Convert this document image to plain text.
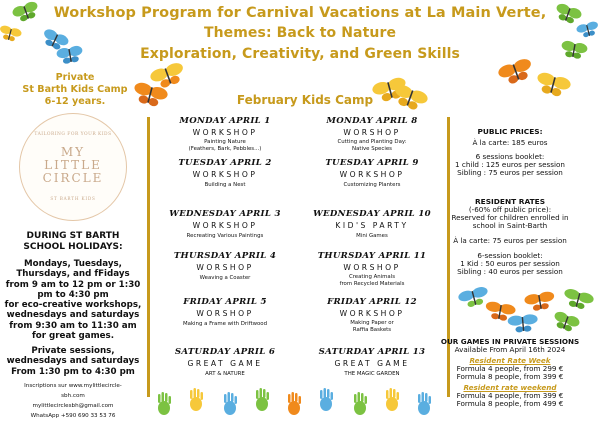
Workshop Program for Carnival Vacations at La Main Verte,
Themes: Back to Nature
Exploration, Creativity, and Green Skills
Private
St Barth Kids Camp
6-12 years.
TAILORING FOR YOUR KIDS
MY
LITTLE
CIRCLE
ST BARTH KIDS
DURING ST BARTH
SCHOOL HOLIDAYS:
Mondays, Tuesdays,
Thursdays, and fFidays
from 9 am to 12 pm or 1:30
pm to 4:30 pm
for eco-creative workshops,
wednesdays and saturdays
from 9:30 am to 11:30 am
for great games.
Private sessions,
wednesdays and saturdays
From 1:30 pm to 4:30 pm
Inscriptions sur www.mylittlecircle-
sbh.com
mylittlecirclesbh@gmail.com
WhatsApp +590 690 33 53 76
February Kids Camp
MONDAY APRIL 1
WORKSHOP
Painting Nature
(Feathers, Bark, Pebbles...)
TUESDAY APRIL 2
WORKSHOP
Building a Nest
WEDNESDAY APRIL 3
WORKSHOP
Recreating Various Paintings
THURSDAY APRIL 4
WORSHOP
Weaving a Coaster
FRIDAY APRIL 5
WORSHOP
Making a Frame with Driftwood
SATURDAY APRIL 6
GREAT GAME
ART & NATURE
MONDAY APRIL 8
WORSHOP
Cutting and Planting Day:
Native Species
TUESDAY APRIL 9
WORKSHOP
Customizing Planters
WEDNESDAY APRIL 10
KID'S PARTY
Mini Games
THURSDAY APRIL 11
WORSHOP
Creating Animals
from Recycled Materials
FRIDAY APRIL 12
WORKSHOP
Making Paper or
Raffia Baskets
SATURDAY APRIL 13
GREAT GAME
THE MAGIC GARDEN
PUBLIC PRICES:
À la carte: 185 euros
6 sessions booklet:
1 child : 125 euros per session
Sibling : 75 euros per session
RESIDENT RATES
(-60% off public price):
Reserved for children enrolled in
school in Saint-Barth
À la carte: 75 euros per session
6-session booklet:
1 Kid : 50 euros per session
Sibling : 40 euros per session
OUR GAMES IN PRIVATE SESSIONS
Available From April 16th 2024
Resident Rate Week
Formula 4 people, from 299 €
Formula 8 people, from 399 €
Resident rate weekend
Formula 4 people, from 399 €
Formula 8 people, from 499 €
